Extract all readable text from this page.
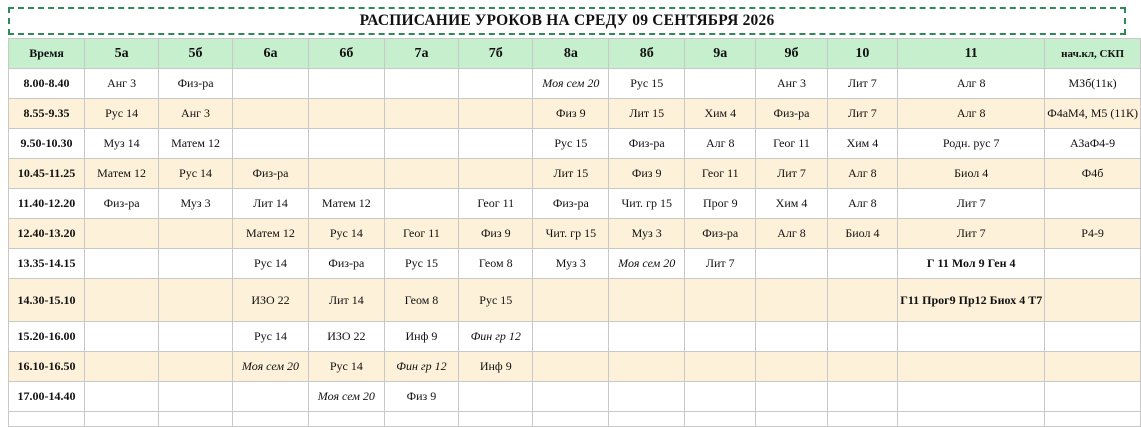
РАСПИСАНИЕ УРОКОВ НА СРЕДУ 09 СЕНТЯБРЯ 2026
Время	5а	5б	6а	6б	7а	7б	8а	8б	9а	9б	10	11	нач.кл, СКП
8.00-8.40	Анг 3	Физ-ра					Моя сем 20	Рус 15		Анг 3	Лит 7	Алг 8	МЗб(11к)
8.55-9.35	Рус 14	Анг 3					Физ 9	Лит 15	Хим 4	Физ-ра	Лит 7	Алг 8	Ф4аМ4, М5 (11К)
9.50-10.30	Муз 14	Матем 12					Рус 15	Физ-ра	Алг 8	Геог 11	Хим 4	Родн. рус 7	АЗаФ4-9
10.45-11.25	Матем 12	Рус 14	Физ-ра				Лит 15	Физ 9	Геог 11	Лит 7	Алг 8	Биол 4	Ф4б
11.40-12.20	Физ-ра	Муз 3	Лит 14	Матем 12		Геог 11	Физ-ра	Чит. гр 15	Прог 9	Хим 4	Алг 8	Лит 7	
12.40-13.20			Матем 12	Рус 14	Геог 11	Физ 9	Чит. гр 15	Муз 3	Физ-ра	Алг 8	Биол 4	Лит 7	Р4-9
13.35-14.15			Рус 14	Физ-ра	Рус 15	Геом 8	Муз 3	Моя сем 20	Лит 7			Г 11 Мол 9 Ген 4	
14.30-15.10			ИЗО 22	Лит 14	Геом 8	Рус 15						Г11 Прог9 Пр12 Биох 4 Т7	
15.20-16.00			Рус 14	ИЗО 22	Инф 9	Фин гр 12							
16.10-16.50			Моя сем 20	Рус 14	Фин гр 12	Инф 9							
17.00-14.40				Моя сем 20	Физ 9								
